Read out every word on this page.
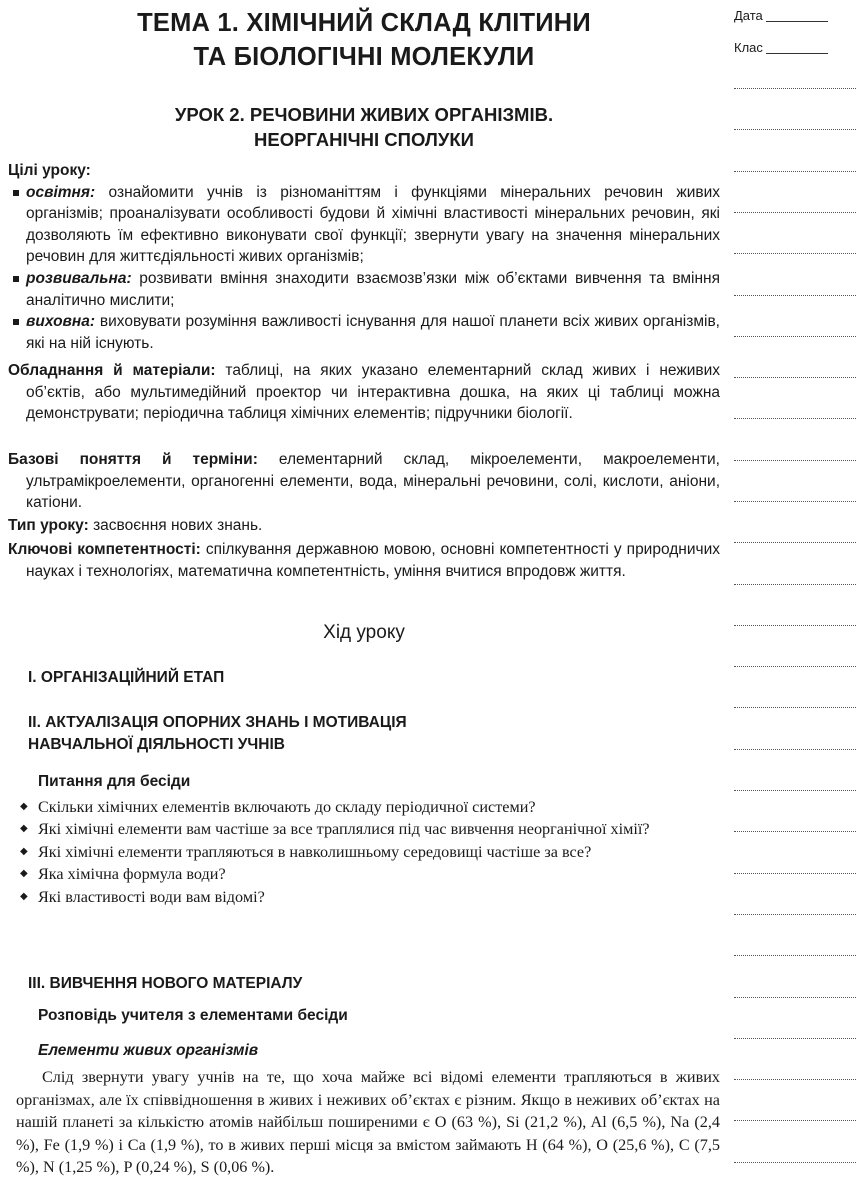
ТЕМА 1. ХІМІЧНИЙ СКЛАД КЛІТИНИ
ТА БІОЛОГІЧНІ МОЛЕКУЛИ
УРОК 2. РЕЧОВИНИ ЖИВИХ ОРГАНІЗМІВ.
НЕОРГАНІЧНІ СПОЛУКИ
Цілі уроку:
освітня: ознайомити учнів із різноманіттям і функціями мінеральних речовин живих організмів; проаналізувати особливості будови й хімічні властивості мінеральних речовин, які дозволяють їм ефективно виконувати свої функції; звернути увагу на значення мінеральних речовин для життєдіяльності живих організмів;
розвивальна: розвивати вміння знаходити взаємозв’язки між об’єктами вивчення та вміння аналітично мислити;
виховна: виховувати розуміння важливості існування для нашої планети всіх живих організмів, які на ній існують.
Обладнання й матеріали: таблиці, на яких указано елементарний склад живих і неживих об’єктів, або мультимедійний проектор чи інтерактивна дошка, на яких ці таблиці можна демонструвати; періодична таблиця хімічних елементів; підручники біології.
Базові поняття й терміни: елементарний склад, мікроелементи, макроелементи, ультрамікроелементи, органогенні елементи, вода, мінеральні речовини, солі, кислоти, аніони, катіони.
Тип уроку: засвоєння нових знань.
Ключові компетентності: спілкування державною мовою, основні компетентності у природничих науках і технологіях, математична компетентність, уміння вчитися впродовж життя.
Хід уроку
І. ОРГАНІЗАЦІЙНИЙ ЕТАП
ІІ. АКТУАЛІЗАЦІЯ ОПОРНИХ ЗНАНЬ І МОТИВАЦІЯ
НАВЧАЛЬНОЇ ДІЯЛЬНОСТІ УЧНІВ
Питання для бесіди
◆ Скільки хімічних елементів включають до складу періодичної системи?
◆ Які хімічні елементи вам частіше за все траплялися під час вивчення неорганічної хімії?
◆ Які хімічні елементи трапляються в навколишньому середовищі частіше за все?
◆ Яка хімічна формула води?
◆ Які властивості води вам відомі?
ІІІ. ВИВЧЕННЯ НОВОГО МАТЕРІАЛУ
Розповідь учителя з елементами бесіди
Елементи живих організмів
Слід звернути увагу учнів на те, що хоча майже всі відомі елементи трапляються в живих організмах, але їх співвідношення в живих і неживих об’єктах є різним. Якщо в неживих об’єктах на нашій планеті за кількістю атомів найбільш поширеними є O (63 %), Si (21,2 %), Al (6,5 %), Na (2,4 %), Fe (1,9 %) і Ca (1,9 %), то в живих перші місця за вмістом займають H (64 %), O (25,6 %), C (7,5 %), N (1,25 %), P (0,24 %), S (0,06 %).
Дата
Клас
